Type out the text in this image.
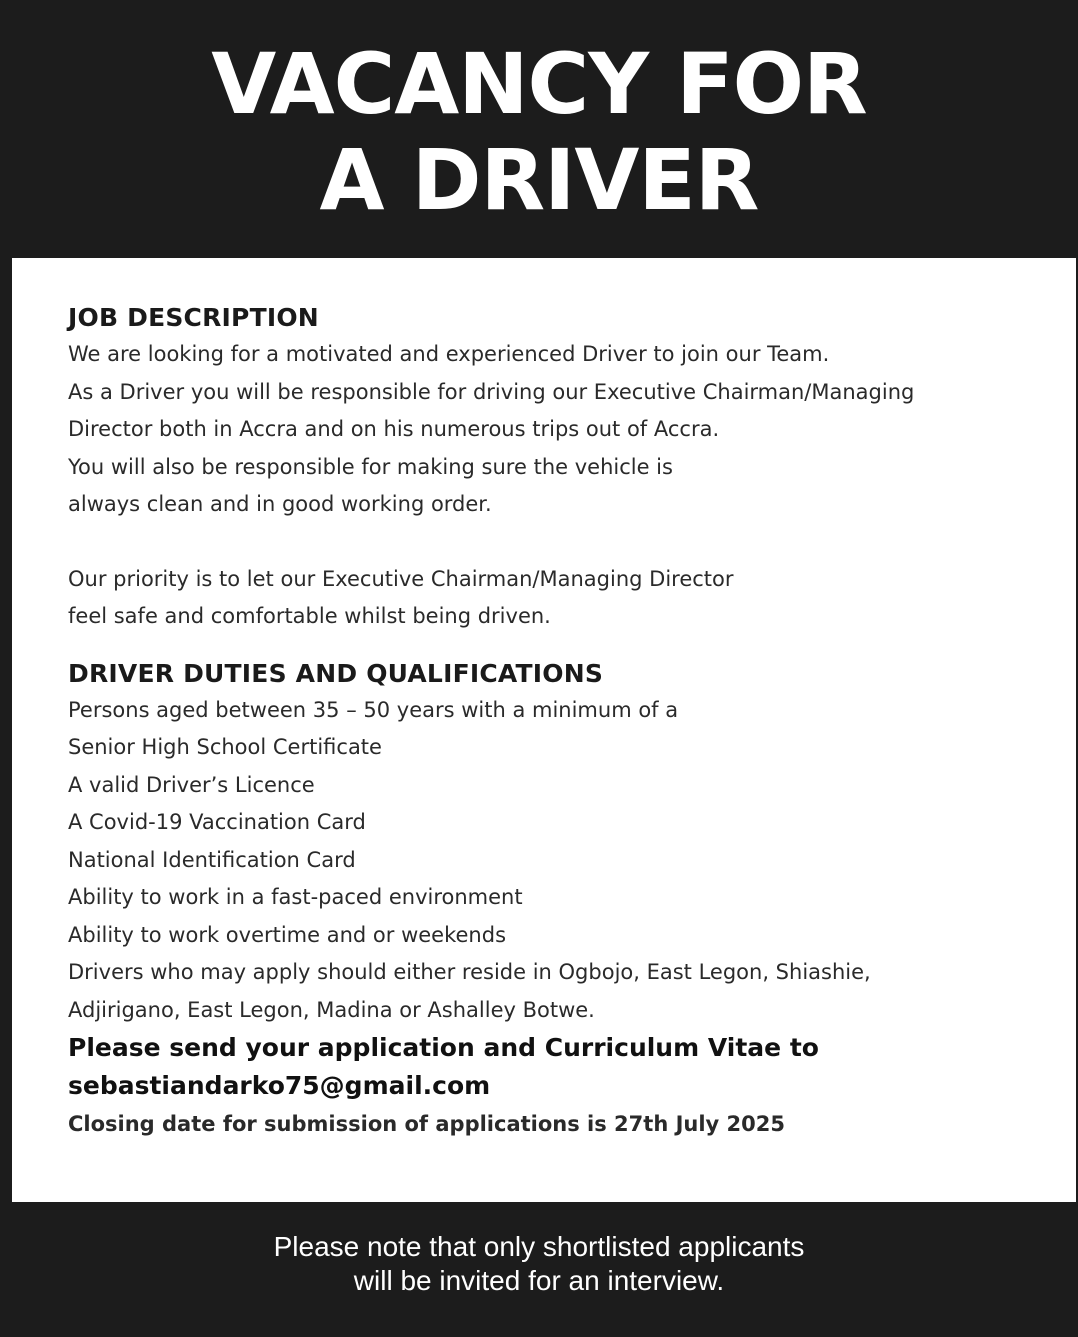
VACANCY FOR
A DRIVER
JOB DESCRIPTION

We are looking for a motivated and experienced Driver to join our Team.

As a Driver you will be responsible for driving our Executive Chairman/Managing

Director both in Accra and on his numerous trips out of Accra.

You will also be responsible for making sure the vehicle is

always clean and in good working order.

Our priority is to let our Executive Chairman/Managing Director

feel safe and comfortable whilst being driven.

DRIVER DUTIES AND QUALIFICATIONS

Persons aged between 35 – 50 years with a minimum of a

Senior High School Certificate

A valid Driver’s Licence

A Covid-19 Vaccination Card

National Identification Card

Ability to work in a fast-paced environment

Ability to work overtime and or weekends

Drivers who may apply should either reside in Ogbojo, East Legon, Shiashie,

Adjirigano, East Legon, Madina or Ashalley Botwe.

Please send your application and Curriculum Vitae to

sebastiandarko75@gmail.com

Closing date for submission of applications is 27th July 2025

Please note that only shortlisted applicants

will be invited for an interview.
